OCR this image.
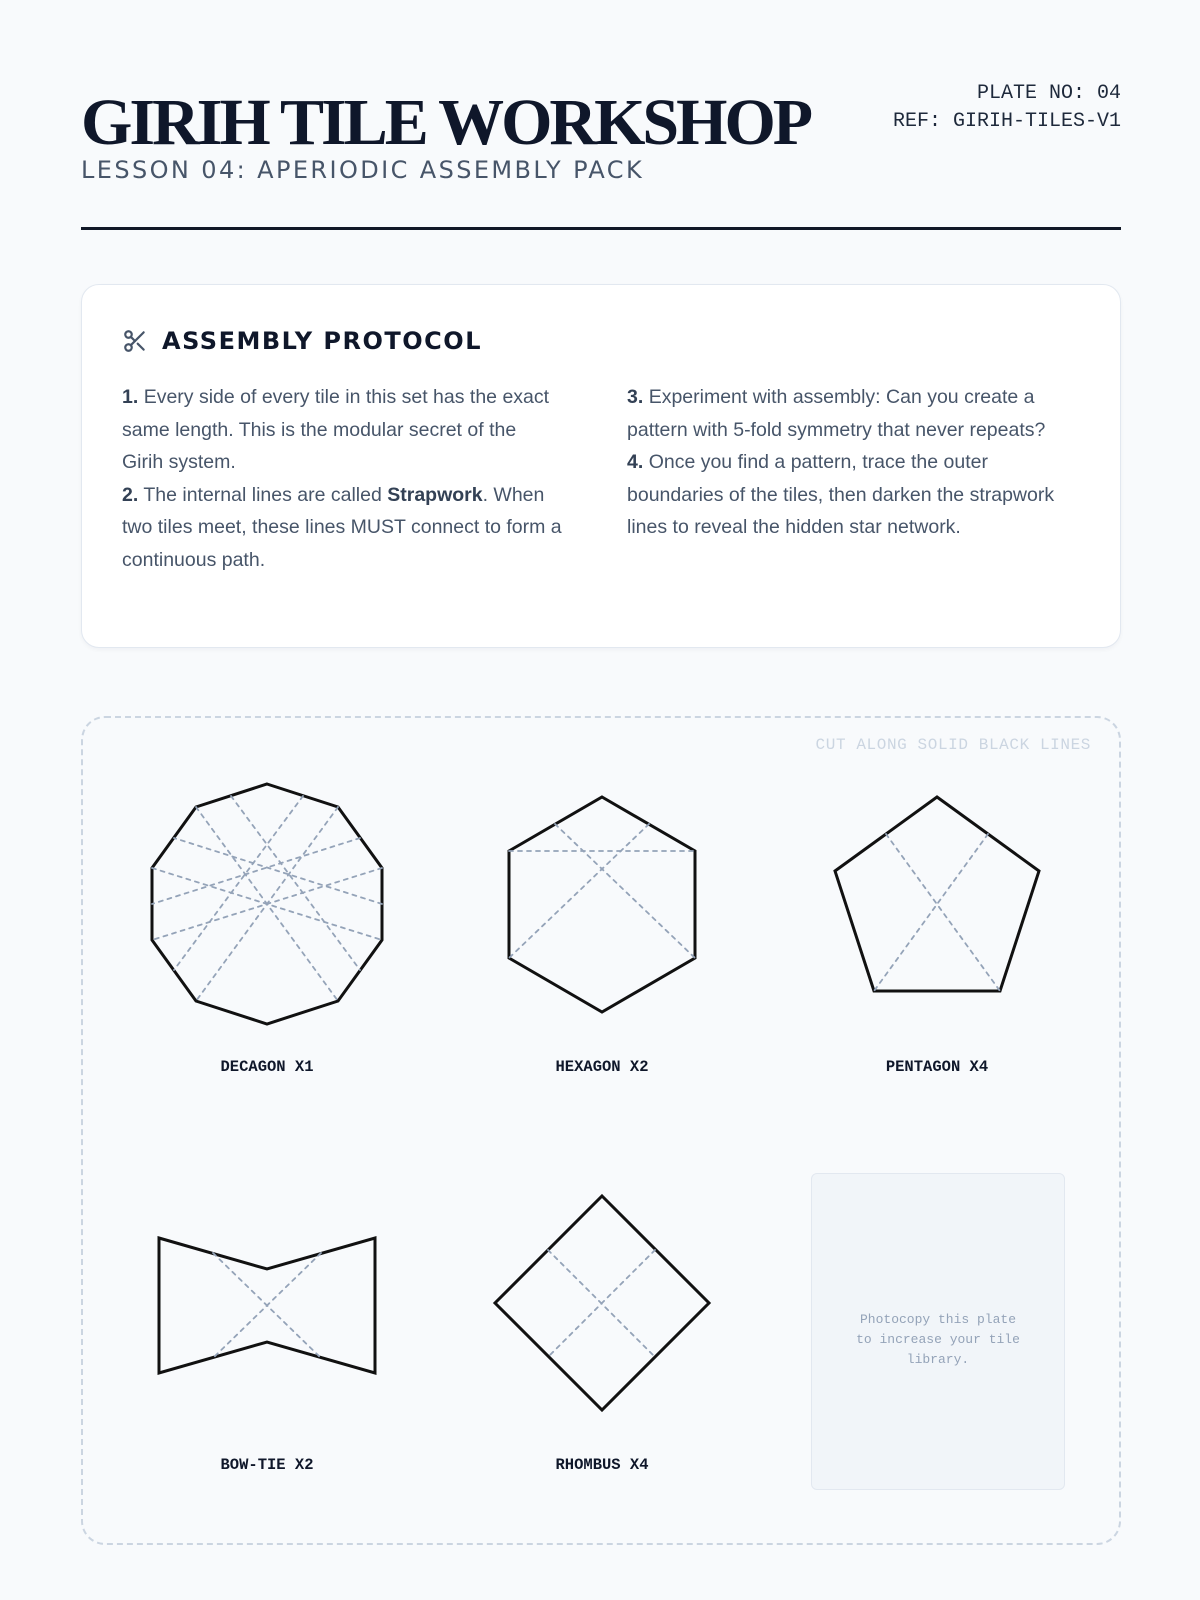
GIRIH TILE WORKSHOP
LESSON 04: APERIODIC ASSEMBLY PACK
PLATE NO: 04
REF: GIRIH-TILES-V1
ASSEMBLY PROTOCOL

1. Every side of every tile in this set has the exact same length. This is the modular secret of the Girih system.

2. The internal lines are called Strapwork. When two tiles meet, these lines MUST connect to form a continuous path.

3. Experiment with assembly: Can you create a pattern with 5-fold symmetry that never repeats?

4. Once you find a pattern, trace the outer boundaries of the tiles, then darken the strapwork lines to reveal the hidden star network.

CUT ALONG SOLID BLACK LINES
DECAGON X1	HEXAGON X2	PENTAGON X4
BOW-TIE X2	RHOMBUS X4
Photocopy this plate to increase your tile library.
